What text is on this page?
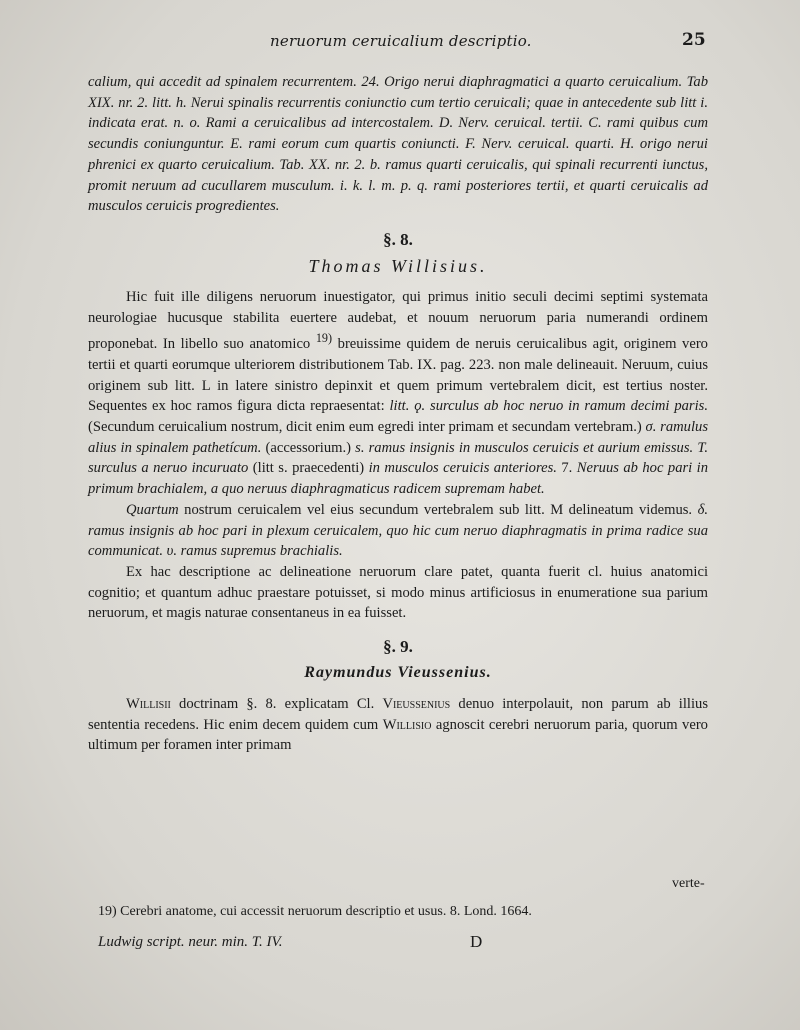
neruorum ceruicalium descriptio.	25

calium, qui accedit ad spinalem recurrentem. 24. Origo nerui diaphragmatici a quarto ceruicalium. Tab XIX. nr. 2. litt. h. Nerui spinalis recurrentis coniunctio cum tertio ceruicali; quae in antecedente sub litt i. indicata erat. n. o. Rami a ceruicalibus ad intercostalem. D. Nerv. ceruical. tertii. C. rami quibus cum secundis coniunguntur. E. rami eorum cum quartis coniuncti. F. Nerv. ceruical. quarti. H. origo nerui phrenici ex quarto ceruicalium. Tab. XX. nr. 2. b. ramus quarti ceruicalis, qui spinali recurrenti iunctus, promit neruum ad cucullarem musculum. i. k. l. m. p. q. rami posteriores tertii, et quarti ceruicalis ad musculos ceruicis progredientes.

§. 8.
Thomas Willisius.

Hic fuit ille diligens neruorum inuestigator, qui primus initio seculi decimi septimi systemata neurologiae hucusque stabilita euertere audebat, et nouum neruorum paria numerandi ordinem proponebat. In libello suo anatomico $^{19)}$ breuissime quidem de neruis ceruicalibus agit, originem vero tertii et quarti eorumque ulteriorem distributionem Tab. IX. pag. 223. non male delineauit. Neruum, cuius originem sub litt. L in latere sinistro depinxit et quem primum vertebralem dicit, est tertius noster. Sequentes ex hoc ramos figura dicta repraesentat: litt. ϙ. surculus ab hoc neruo in ramum decimi paris. (Secundum ceruicalium nostrum, dicit enim eum egredi inter primam et secundam vertebram.) σ. ramulus alius in spinalem pathetícum. (accessorium.) s. ramus insignis in musculos ceruicis et aurium emissus. T. surculus a neruo incuruato (litt s. praecedenti) in musculos ceruicis anteriores. 7. Neruus ab hoc pari in primum brachialem, a quo neruus diaphragmaticus radicem supremam habet.

Quartum nostrum ceruicalem vel eius secundum vertebralem sub litt. M delineatum videmus. δ. ramus insignis ab hoc pari in plexum ceruicalem, quo hic cum neruo diaphragmatis in prima radice sua communicat. υ. ramus supremus brachialis.

Ex hac descriptione ac delineatione neruorum clare patet, quanta fuerit cl. huius anatomici cognitio; et quantum adhuc praestare potuisset, si modo minus artificiosus in enumeratione sua parium neruorum, et magis naturae consentaneus in ea fuisset.

§. 9.
Raymundus Vieussenius.

Willisii doctrinam §. 8. explicatam Cl. Vieussenius denuo interpolauit, non parum ab illius sententia recedens. Hic enim decem quidem cum Willisio agnoscit cerebri neruorum paria, quorum vero ultimum per foramen inter primam

verte-
19) Cerebri anatome, cui accessit neruorum descriptio et usus. 8. Lond. 1664.
Ludwig script. neur. min. T. IV.	D
